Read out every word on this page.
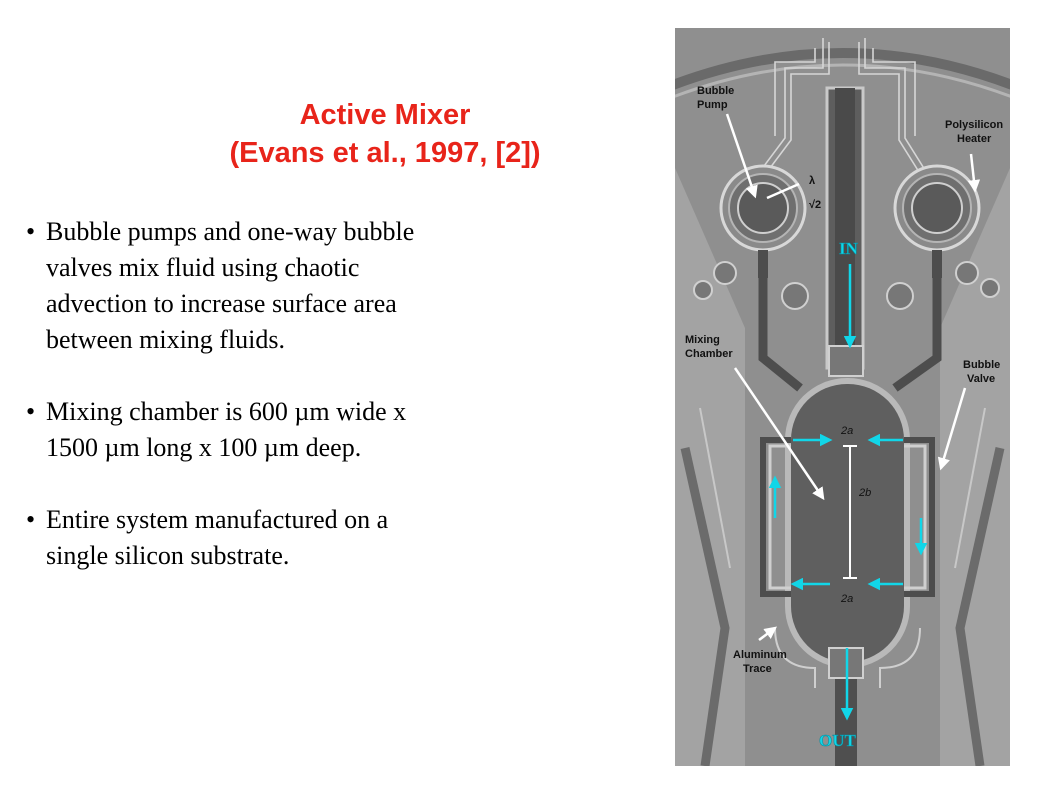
Active Mixer
(Evans et al., 1997, [2])
• Bubble pumps and one-way bubble
valves mix fluid using chaotic
advection to increase surface area
between mixing fluids.
• Mixing chamber is 600 µm wide x
1500 µm long x 100 µm deep.
• Entire system manufactured on a
single silicon substrate.
Bubble
Pump
Polysilicon
Heater
Mixing
Chamber
Bubble
Valve
Aluminum
Trace
λ
√2
2a
2b
2a
IN
OUT
